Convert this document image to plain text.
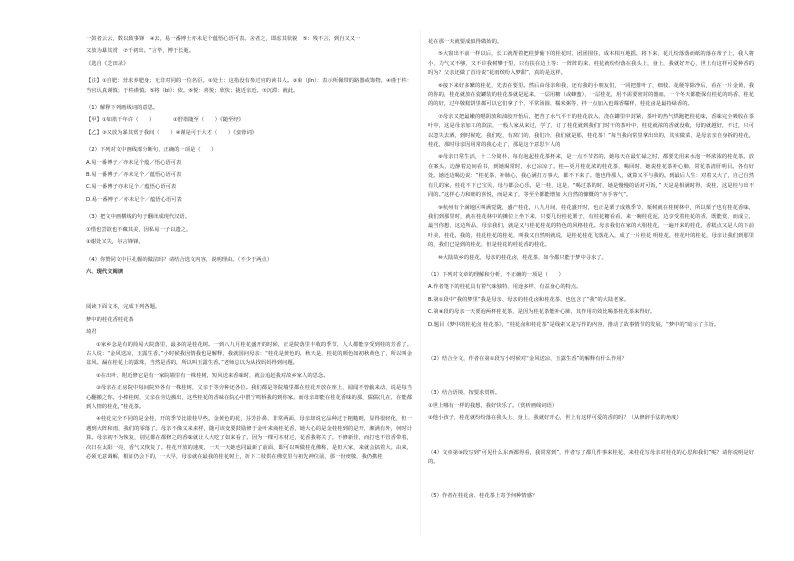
一鼓者云云，数以致事锋　④去，易一番博士亦未足个蕴悟心语可表。舍者之，即虑其状貌　⑤：残不言，到自又又一
又放为暴其赏　⑦千初出。“言毕，博于长逝。
《选自《芝田录》
【注】①自肥：营求养肥身；无非对同的一位名臣。②处士：这指没有参过官的读书人。③束（jǐn）：表示所佩带的路器或饰物。④谨于杵：当官认真谨慎；于杵谨慎。⑤将（bì）：依。⑥悦：喜悦；欣快；拢近亲近。⑦沉滞：就此。
（1）解释下列画线词的意思。
【甲】①如墨千年许（　　）　　　　②舒墨随至（　　）《随至经》
【乙】③又放为暴其赏于我间（　　）④谨是可于大才（　　）《蛮蓉词》
（2）下列对文中画线部分断句，正确的一项是（　　）
A.易一番博子／亦未足个蕴／悟心语可表
B.易一番博子／亦未足个／蕴悟心语可表
C.易一番博子亦未足个／蕴悟心语可表
D.易一番博子／亦未足个／蕴悟心语可表
（3）把文中画横线的句子翻译成现代汉语。
①惜也尝欲也不藏其美，因私易一子以遗之。
②谢处又失，尔言锋锋。
（4）你赞同文中巨孔偃的做法吗？请结合选文内容，说明理由。（不少于两点）
六、现代文阅读
阅读下面文本，完成下列各题。
梦中的桂花香桂花茶
琦君
①家乡念是有的简易大院落里，最多的是桂花树。一到八九月桂花盛开的时候，正是院落里丰收的季节，人人都能享受到桂的芳香了。古人说：“金风送凉，玉露生香。”小时候我因情我也是解释，我就国问母亲：“桂花是黄色的，秋天是，桂花的颜色如初秋黄色了，所以叫金盆风。漏在桂花上的露珠，当然是香的，所以叫玉露生香。”老师总以为从找妈妈得到问题。
②在出叶，附近修它是有一家院墙里有一株桂树，短风送来香味时，就会追赶我对故乡家人的思念。
③母亲在正房院中每间院外各有一株桂树，父亲于等旁种还各位。我们都是等院墙里都在桂花开放在座上，闻闻不曾偷来动，说是每当心翻搬之你。小棒桂树，父亲在旁边搬出，这些桂花的香味在院心中偎宁鸣桥我的到你家。而母亲却能在桂花香味的那，儒儒(几在，在能都到人情的桂花，”桂花茶。
④桂花完全不同的是金桂，开的季节比银桂早些。金黄色的花，芬芳扑鼻，非常两面，母亲却说它品种过于粗糙则，显得很轻化，但一遇到大阵和雨，我们的零落了。母亲不像义来来样，随可该变要鼓励修于金叶来商桂花香，她大心的是金桂桂到的是开，湘满有外，何时计算。母亲初不为恢复，别兄都在都修之的香味就让人大吃了如来看了。因为一棵可木材过，花香我将关了。不修新佳，而打也不管香带着，次日在太阳一亮，香气又恢复了。桂花开放的速度，一天一天她也同最新了前面，即可以叫做桂花佛称，是但大家，来就会搞着大。由来，必须无意调解，根证仍会下的，一大早，母亲就在最我的桂花树上，折下二枝供在佛堂里与祖先神位前，那一份虔敬，我仍携桂
花在那一天就要成似得做始的。
⑤大窗出不前一样以后，长工就帮着把桂萝葡下的桂花时，团团围住，成本相互地摇，将下来，花儿纷落落而纸的落在蒂子上，我人将小，力气又不够，又不许我树攀于里，只有扶在边上等：一阵阵的来，桂花就纷纷落在我头上，身上，我就好开心，世上有这样可爱种香的吗为？父亲还做了首诗说“花雨缤纷入梦甜”，真的是这样。
⑥接下来好多繁的桂花，先表在要里。然后由母亲和我，还有我的小朋友们，一同把排叶了，细枝、花梗等除净后，看在一片金黄，我的你的，桂花就放在瓷罐装的桂花茶就是起来，一层用糖（或蜂蜜），一层桂花，用不需要密封的器皿，一个冬天都能保有桂花的吗香，桂花的的好，过年敬糕饼里都可以它们拿了个，平常汤圆、糯米粥等，拌一点加入也调香糯样，桂花卤是最持绿香的。
⑦母亲又把最嫩的嗯阴放和油胶开怡后，把杏了水气平干的桂花放入，浇在罐里中封紧，茶叶的热气烘跑把桂花味，香味完全吸收在茶叶中，这是母亲加工的款法，一般人家从来过，学了，订了桂花就到我们门时干的茶叶中，桂花就浓的香就没收，母的就越好，不过，只可以忽失去酒，到时候吃，我们吃，有窝门的，我们冷，我们就是那，桂花茶！”每当我向常里拿出出的，其实做菜，是母亲亲自身拆的桂花，桂花，那时母亲因用常的我心走了，那是这个意思乍人的
⑧母亲日常生活，十二分简朴，每有泡起桂花茶杯来，是一点不节省的，她每天在最忙碌之时，都要先用来水泡一杯浓浓的桂花茶。放在案头，边静着边间看书，到她渴常时，水已凉凉了。桂—更月桂花浓的桂花茶，喝回时，她说桂花茶补心肺，常花茶清肝明目。各有好处。她还边喝边说：“桂花茶，补肺心，我心满打万事大，都不下来了。他也得那人，就算又平与我的。到最后人生：对着又大了，自己自然有几的家，桂花不下已宝贝，母与都会心乐，是一桂，这是，“喝过茶的时，她是慢慢的话对可饭，” 天是是相满时得，说桂，这是桂与出不同的。”这样心力和睦的喜悦，而是来了，等至全都能增加 大自然的慷慨的“赤手客气”。
⑨杭州有个满地区叫满觉陇，盛产桂花，八九月间，桂花盛开时，也正是栗子成熟季节，栗树就在桂树林中，所以栗子也有桂花香味，我们到那里时，就在桂花林中的摊位上坐下来，只要几份桂花栗子，有桂花糖看看，来一碗桂花泥，边享受着桂花的香，既能赏，而成立，最当你想，这边所品，母亲我们，就是又与桂花桂花的特色的风格桂花。母亲我们在家的大相桂花，一遍开来的桂花，香糕点又是人的下前叶美，桂花，我的，桂花桂花的桂花，叫我又自然明就说，是桂花桂花飞落花入，成了一片桂花 明桂花，桂花叶的桂花，母亲让我们到那里的，我们已是到的桂花，但是桂花的桂花香的桂花。
⑩大陆故乡的桂花，母亲的桂花卤，桂花茶，如今都只能于梦中寻求了。
（1）下列对文章的理解和分析，不正确的一项是（　　）
A.作者笔下的桂花具有着气味独特、用途多样、有益身心的特点。
B.第①段中“我的梦里”我是母亲、母亲的桂花卤和桂花茶，也包含了“我”的大陆老家。
C.第⑧段的母亲一天要泡两杯桂花茶，是因为桂花茶能补心肺，其作用功效比喝茶桂花茶来得好。
D.题目《梦中的桂花卤 桂花茶》，“桂花卤和桂花茶”是线索又是写作的内容，推动了故事情节的发展，“梦中的”暗示了主旨。
（2）结合全文，作者在第①段写小时候对“金风送凉，玉露生香”的解释有什么作用？
（3）结合语境，按要求赏析。
①世上哪有一样的我想，我好快乐了。（赏析画线词语）
②他小孩子，桂花就纷纷落在我头上，身上，我就好开心，世上有这样可爱的香的吗？（从修辞手法的角度）
（4）文章第⑨段写到“可见什么东西都得看，我常常到”，作者写了都几件事来桂花，来桂花写母亲对桂花的心思和我们”呢？请你说明是好的。
（5）作者在桂花卤、桂花茶上寄予何种情感？
